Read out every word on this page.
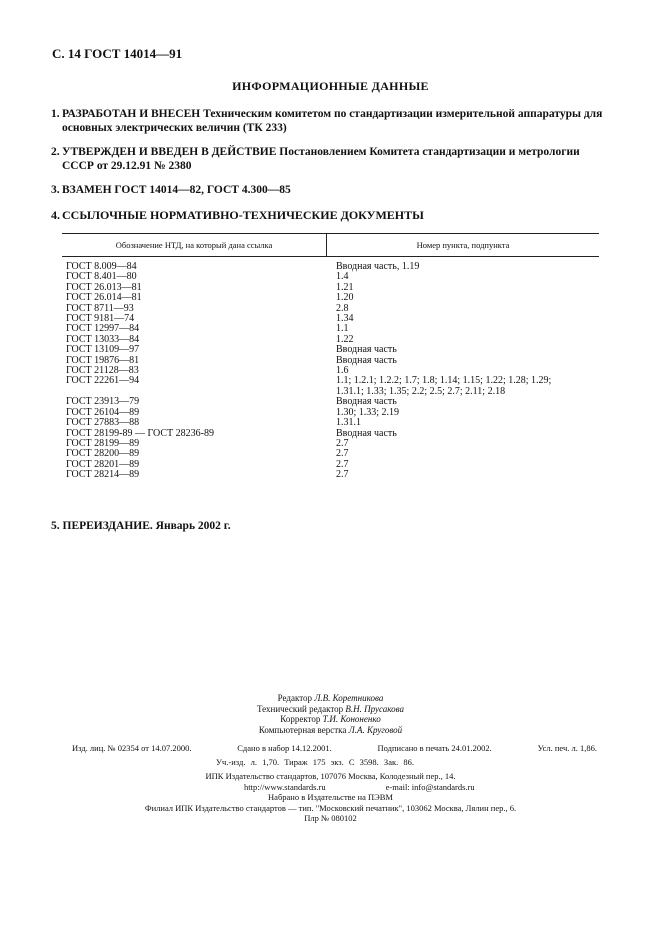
С. 14 ГОСТ 14014—91
ИНФОРМАЦИОННЫЕ ДАННЫЕ
1. РАЗРАБОТАН И ВНЕСЕН Техническим комитетом по стандартизации измерительной аппаратуры для основных электрических величин (ТК 233)
2. УТВЕРЖДЕН И ВВЕДЕН В ДЕЙСТВИЕ Постановлением Комитета стандартизации и метрологии СССР от 29.12.91 № 2380
3. ВЗАМЕН ГОСТ 14014—82, ГОСТ 4.300—85
4. ССЫЛОЧНЫЕ НОРМАТИВНО-ТЕХНИЧЕСКИЕ ДОКУМЕНТЫ
Обозначение НТД, на который дана ссылка	Номер пункта, подпункта
ГОСТ 8.009—84	Вводная часть, 1.19
ГОСТ 8.401—80	1.4
ГОСТ 26.013—81	1.21
ГОСТ 26.014—81	1.20
ГОСТ 8711—93	2.8
ГОСТ 9181—74	1.34
ГОСТ 12997—84	1.1
ГОСТ 13033—84	1.22
ГОСТ 13109—97	Вводная часть
ГОСТ 19876—81	Вводная часть
ГОСТ 21128—83	1.6
ГОСТ 22261—94	1.1; 1.2.1; 1.2.2; 1.7; 1.8; 1.14; 1.15; 1.22; 1.28; 1.29;
1.31.1; 1.33; 1.35; 2.2; 2.5; 2.7; 2.11; 2.18
ГОСТ 23913—79	Вводная часть
ГОСТ 26104—89	1.30; 1.33; 2.19
ГОСТ 27883—88	1.31.1
ГОСТ 28199-89 — ГОСТ 28236-89	Вводная часть
ГОСТ 28199—89	2.7
ГОСТ 28200—89	2.7
ГОСТ 28201—89	2.7
ГОСТ 28214—89	2.7
5. ПЕРЕИЗДАНИЕ. Январь 2002 г.
Редактор Л.В. Коретникова
Технический редактор В.Н. Прусакова
Корректор Т.И. Кононенко
Компьютерная верстка Л.А. Круговой
Изд. лиц. № 02354 от 14.07.2000.	Сдано в набор 14.12.2001.	Подписано в печать 24.01.2002.	Усл. печ. л. 1,86.
Уч.-изд. л. 1,70. Тираж 175 экз. С 3598. Зак. 86.
ИПК Издательство стандартов, 107076 Москва, Колодезный пер., 14.
http://www.standards.ru	e-mail: info@standards.ru
Набрано в Издательстве на ПЭВМ
Филиал ИПК Издательство стандартов — тип. "Московский печатник", 103062 Москва, Лялин пер., 6.
Плр № 080102
